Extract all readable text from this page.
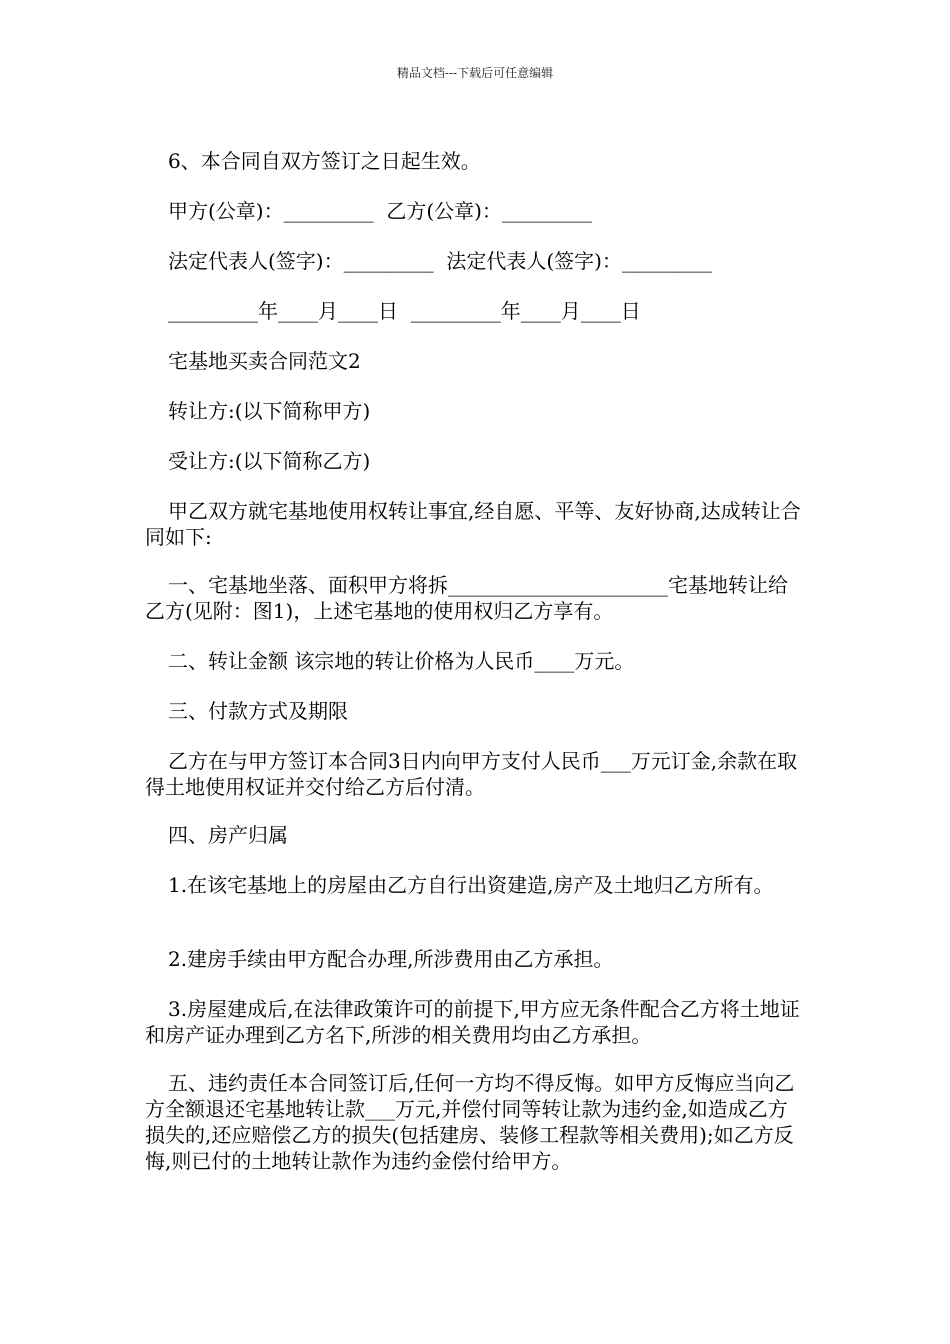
精品文档---下载后可任意编辑
6、本合同自双方签订之日起生效。
甲方(公章)：_________  乙方(公章)：_________
法定代表人(签字)：_________  法定代表人(签字)：_________
_________年____月____日  _________年____月____日
宅基地买卖合同范文2
转让方:(以下简称甲方)
受让方:(以下简称乙方)
甲乙双方就宅基地使用权转让事宜,经自愿、平等、友好协商,达成转让合同如下:
一、宅基地坐落、面积甲方将拆______________________宅基地转让给乙方(见附：图1)，上述宅基地的使用权归乙方享有。
二、转让金额 该宗地的转让价格为人民币____万元。
三、付款方式及期限
乙方在与甲方签订本合同3日内向甲方支付人民币___万元订金,余款在取得土地使用权证并交付给乙方后付清。
四、房产归属
1.在该宅基地上的房屋由乙方自行出资建造,房产及土地归乙方所有。
2.建房手续由甲方配合办理,所涉费用由乙方承担。
3.房屋建成后,在法律政策许可的前提下,甲方应无条件配合乙方将土地证和房产证办理到乙方名下,所涉的相关费用均由乙方承担。
五、违约责任本合同签订后,任何一方均不得反悔。如甲方反悔应当向乙方全额退还宅基地转让款___万元,并偿付同等转让款为违约金,如造成乙方损失的,还应赔偿乙方的损失(包括建房、装修工程款等相关费用);如乙方反悔,则已付的土地转让款作为违约金偿付给甲方。
